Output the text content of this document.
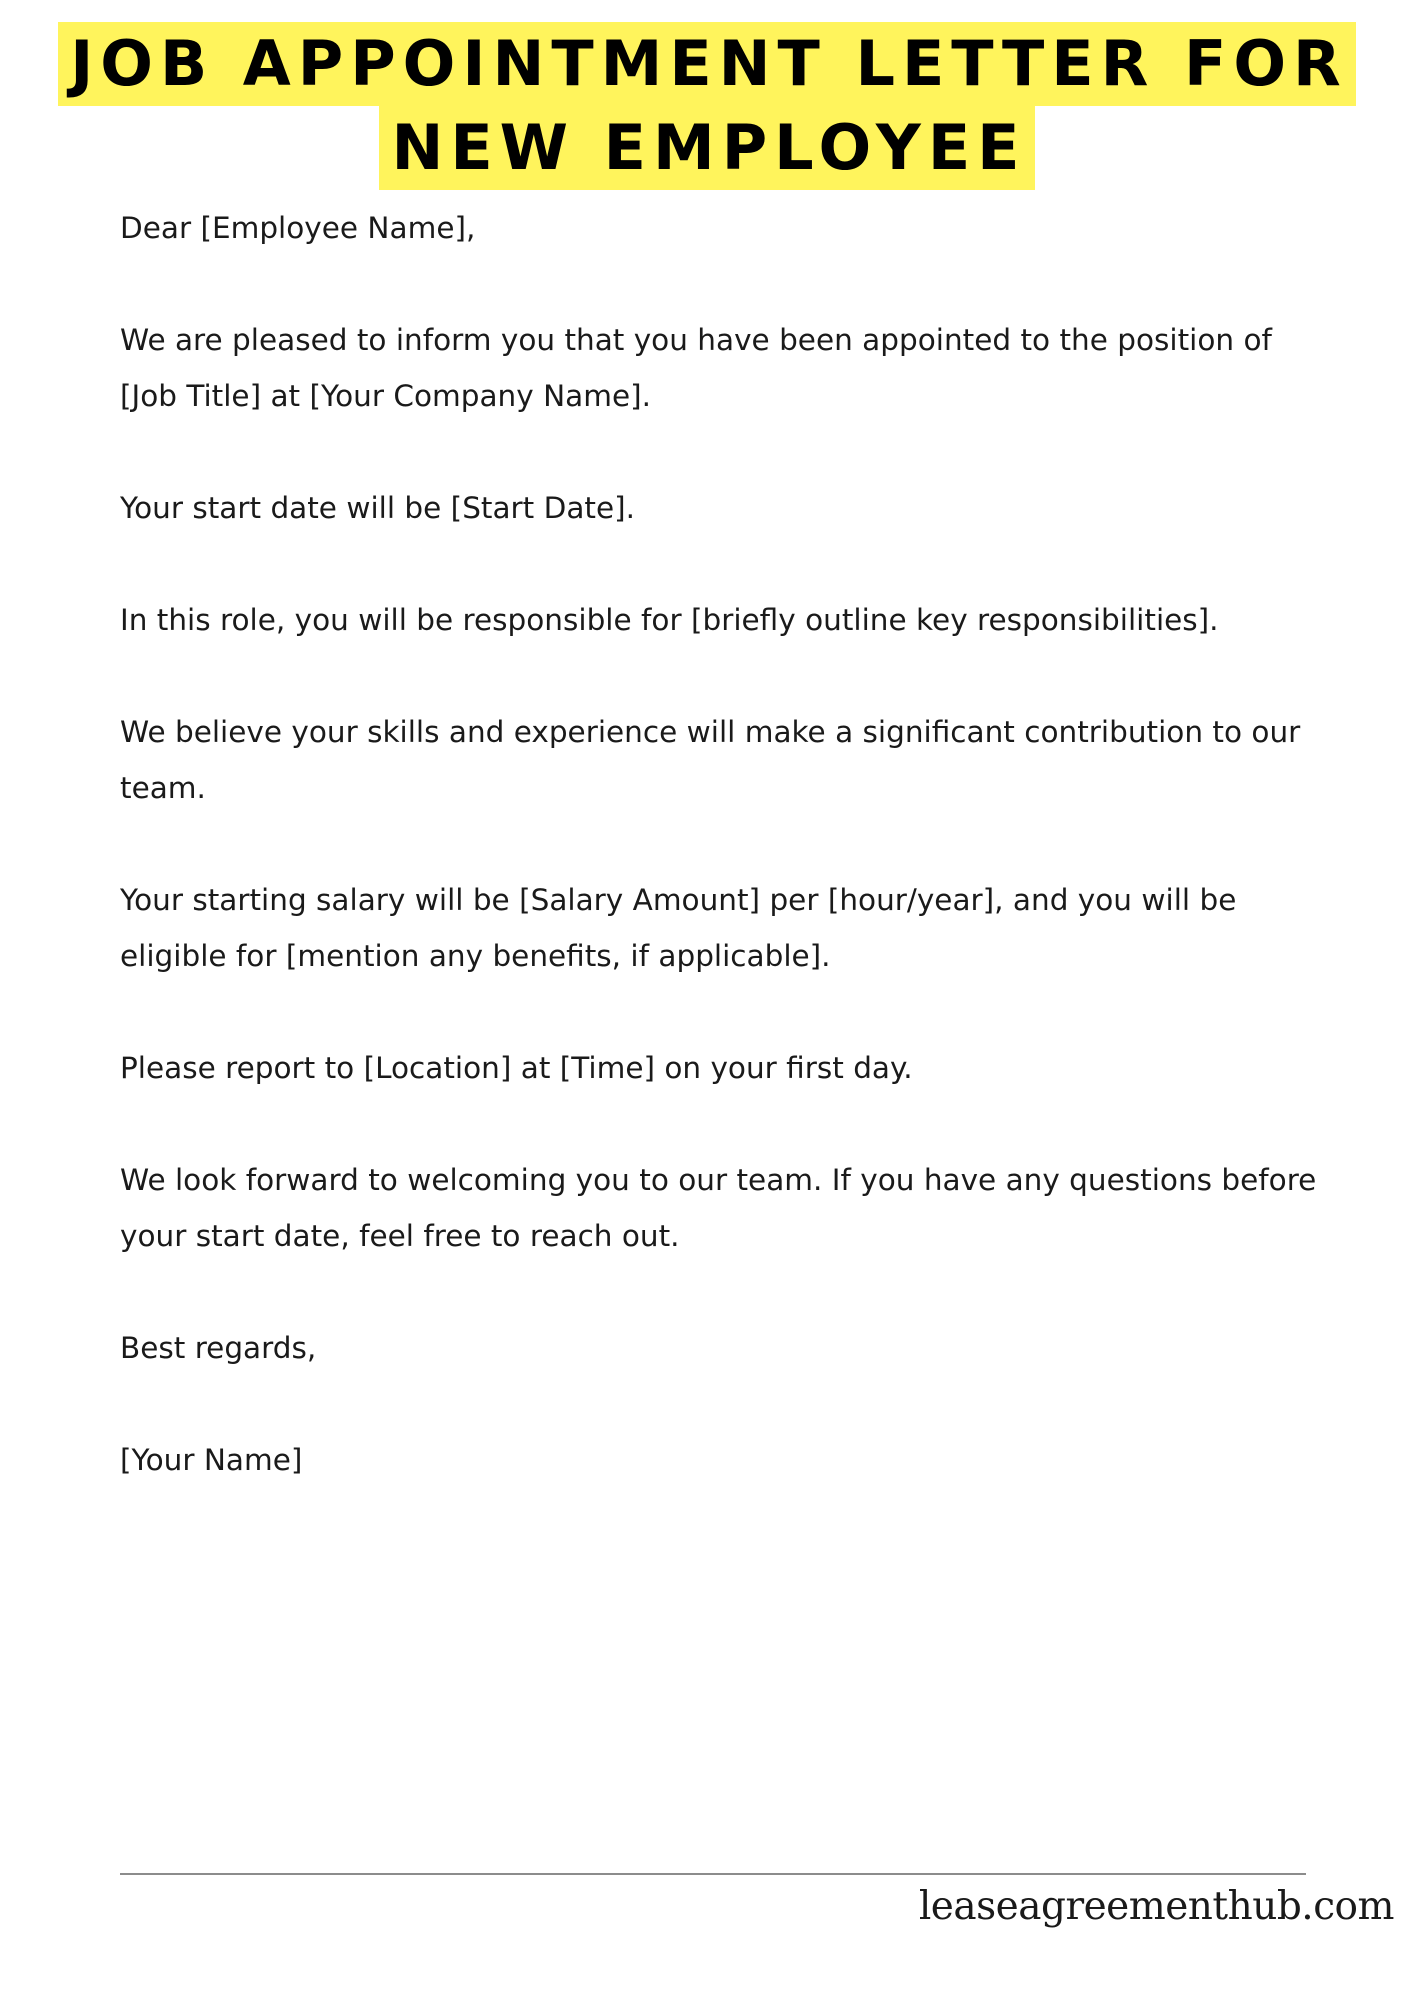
JOB APPOINTMENT LETTER FOR
NEW EMPLOYEE

Dear [Employee Name],

We are pleased to inform you that you have been appointed to the position of [Job Title] at [Your Company Name].

Your start date will be [Start Date].

In this role, you will be responsible for [briefly outline key responsibilities].

We believe your skills and experience will make a significant contribution to our team.

Your starting salary will be [Salary Amount] per [hour/year], and you will be eligible for [mention any benefits, if applicable].

Please report to [Location] at [Time] on your first day.

We look forward to welcoming you to our team. If you have any questions before your start date, feel free to reach out.

Best regards,

[Your Name]

leaseagreementhub.com
